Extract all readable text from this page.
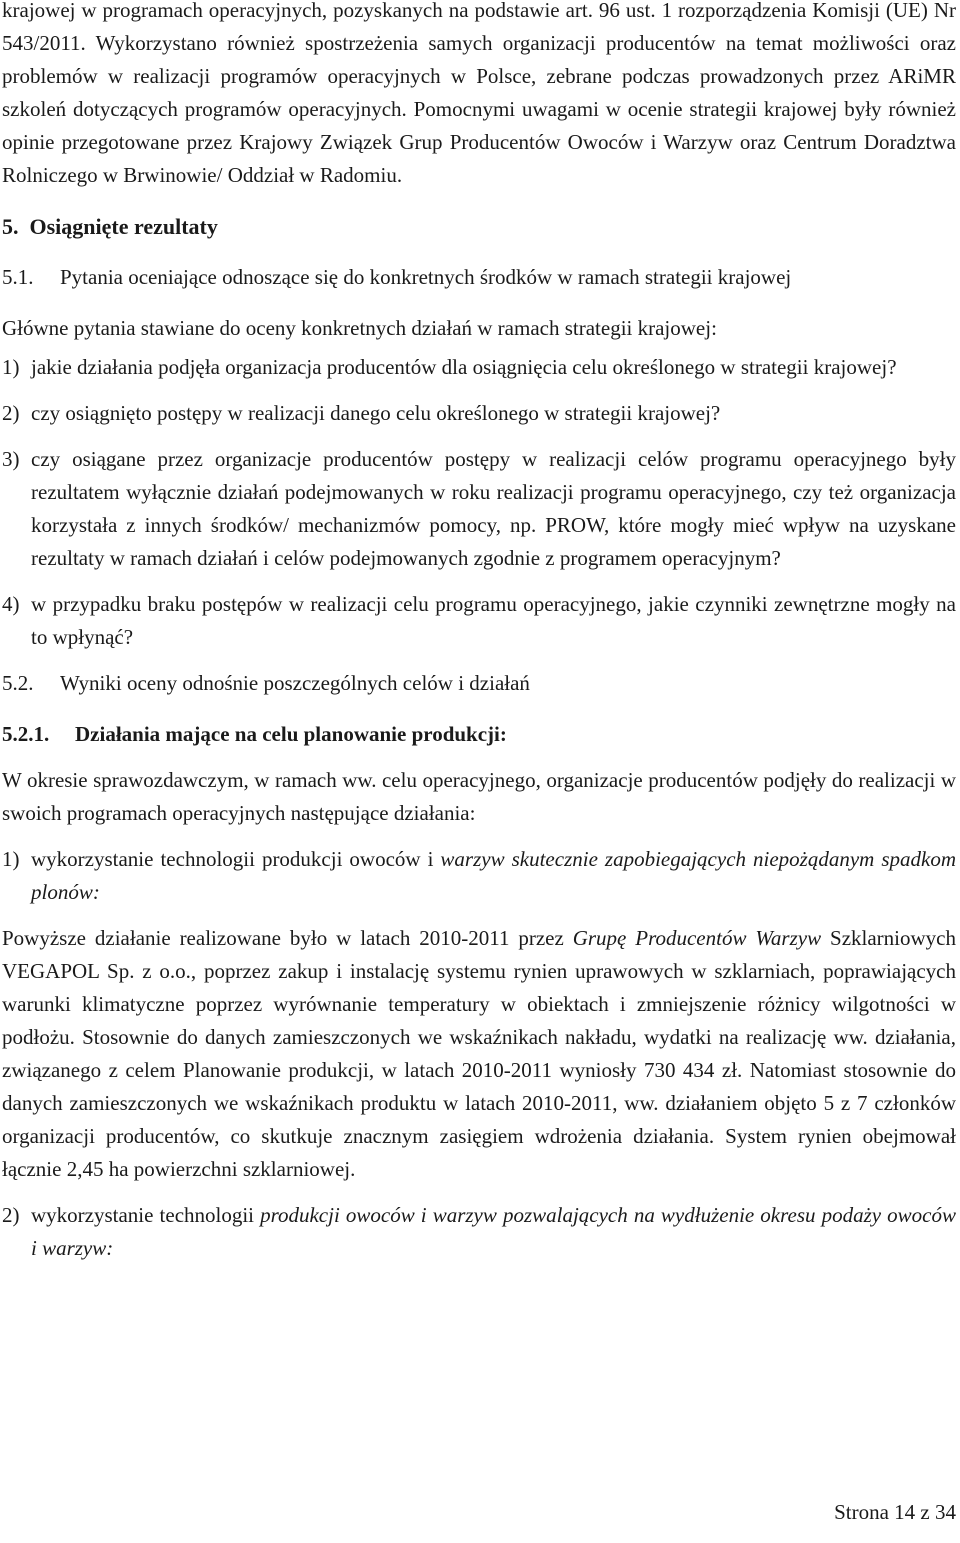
krajowej w programach operacyjnych, pozyskanych na podstawie art. 96 ust. 1 rozporządzenia Komisji (UE) Nr 543/2011. Wykorzystano również spostrzeżenia samych organizacji producentów na temat możliwości oraz problemów w realizacji programów operacyjnych w Polsce, zebrane podczas prowadzonych przez ARiMR szkoleń dotyczących programów operacyjnych. Pomocnymi uwagami w ocenie strategii krajowej były również opinie przegotowane przez Krajowy Związek Grup Producentów Owoców i Warzyw oraz Centrum Doradztwa Rolniczego w Brwinowie/ Oddział w Radomiu.

5.  Osiągnięte rezultaty

5.1. Pytania oceniające odnoszące się do konkretnych środków w ramach strategii krajowej

Główne pytania stawiane do oceny konkretnych działań w ramach strategii krajowej:

1) jakie działania podjęła organizacja producentów dla osiągnięcia celu określonego w strategii krajowej?
2) czy osiągnięto postępy w realizacji danego celu określonego w strategii krajowej?
3) czy osiągane przez organizacje producentów postępy w realizacji celów programu operacyjnego były rezultatem wyłącznie działań podejmowanych w roku realizacji programu operacyjnego, czy też organizacja korzystała z innych środków/ mechanizmów pomocy, np. PROW, które mogły mieć wpływ na uzyskane rezultaty w ramach działań i celów podejmowanych zgodnie z programem operacyjnym?
4) w przypadku braku postępów w realizacji celu programu operacyjnego, jakie czynniki zewnętrzne mogły na to wpłynąć?

5.2. Wyniki oceny odnośnie poszczególnych celów i działań

5.2.1. Działania mające na celu planowanie produkcji:

W okresie sprawozdawczym, w ramach ww. celu operacyjnego, organizacje producentów podjęły do realizacji w swoich programach operacyjnych następujące działania:

1) wykorzystanie technologii produkcji owoców i warzyw skutecznie zapobiegających niepożądanym spadkom plonów:

Powyższe działanie realizowane było w latach 2010-2011 przez Grupę Producentów Warzyw Szklarniowych VEGAPOL Sp. z o.o., poprzez zakup i instalację systemu rynien uprawowych w szklarniach, poprawiających warunki klimatyczne poprzez wyrównanie temperatury w obiektach i zmniejszenie różnicy wilgotności w podłożu. Stosownie do danych zamieszczonych we wskaźnikach nakładu, wydatki na realizację ww. działania, związanego z celem Planowanie produkcji, w latach 2010-2011 wyniosły 730 434 zł. Natomiast stosownie do danych zamieszczonych we wskaźnikach produktu w latach 2010-2011, ww. działaniem objęto 5 z 7 członków organizacji producentów, co skutkuje znacznym zasięgiem wdrożenia działania. System rynien obejmował łącznie 2,45 ha powierzchni szklarniowej.

2) wykorzystanie technologii produkcji owoców i warzyw pozwalających na wydłużenie okresu podaży owoców i warzyw:
Strona 14 z 34
